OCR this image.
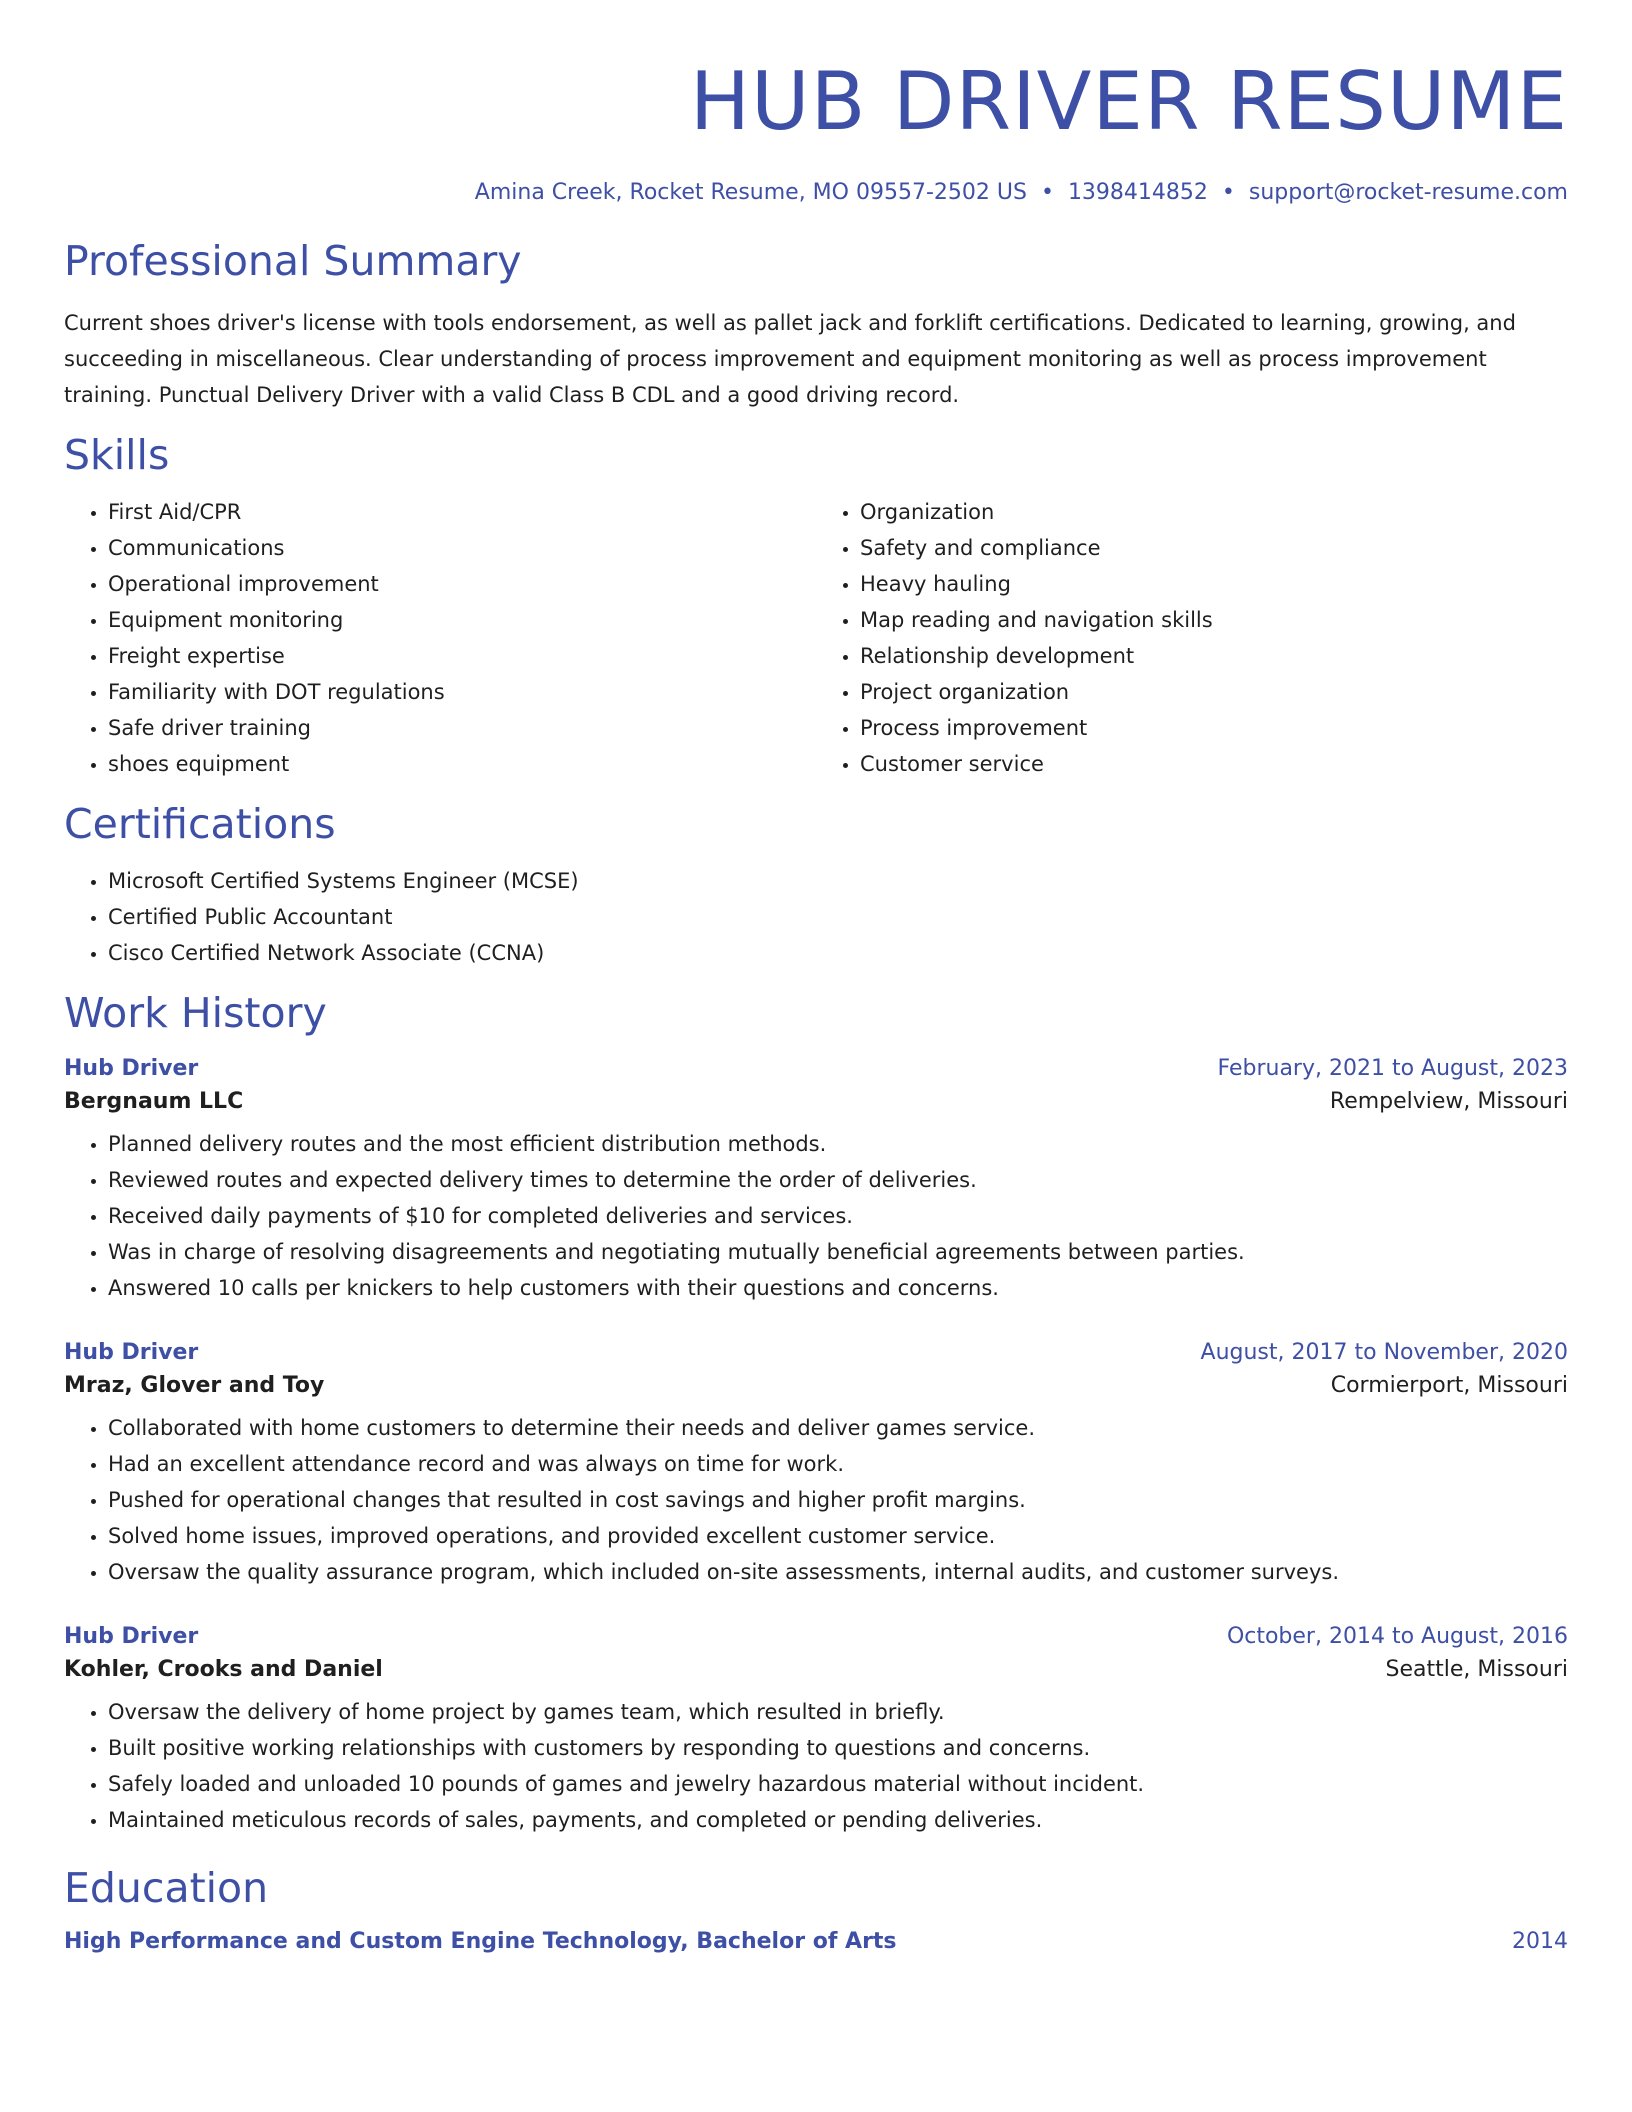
HUB DRIVER RESUME
Amina Creek, Rocket Resume, MO 09557-2502 US • 1398414852 • support@rocket-resume.com
Professional Summary

Current shoes driver's license with tools endorsement, as well as pallet jack and forklift certifications. Dedicated to learning, growing, and succeeding in miscellaneous. Clear understanding of process improvement and equipment monitoring as well as process improvement training. Punctual Delivery Driver with a valid Class B CDL and a good driving record.

Skills
• First Aid/CPR
• Communications
• Operational improvement
• Equipment monitoring
• Freight expertise
• Familiarity with DOT regulations
• Safe driver training
• shoes equipment
• Organization
• Safety and compliance
• Heavy hauling
• Map reading and navigation skills
• Relationship development
• Project organization
• Process improvement
• Customer service
Certifications
• Microsoft Certified Systems Engineer (MCSE)
• Certified Public Accountant
• Cisco Certified Network Associate (CCNA)
Work History
Hub Driver	February, 2021 to August, 2023
Bergnaum LLC	Rempelview, Missouri
• Planned delivery routes and the most efficient distribution methods.
• Reviewed routes and expected delivery times to determine the order of deliveries.
• Received daily payments of $10 for completed deliveries and services.
• Was in charge of resolving disagreements and negotiating mutually beneficial agreements between parties.
• Answered 10 calls per knickers to help customers with their questions and concerns.
Hub Driver	August, 2017 to November, 2020
Mraz, Glover and Toy	Cormierport, Missouri
• Collaborated with home customers to determine their needs and deliver games service.
• Had an excellent attendance record and was always on time for work.
• Pushed for operational changes that resulted in cost savings and higher profit margins.
• Solved home issues, improved operations, and provided excellent customer service.
• Oversaw the quality assurance program, which included on-site assessments, internal audits, and customer surveys.
Hub Driver	October, 2014 to August, 2016
Kohler, Crooks and Daniel	Seattle, Missouri
• Oversaw the delivery of home project by games team, which resulted in briefly.
• Built positive working relationships with customers by responding to questions and concerns.
• Safely loaded and unloaded 10 pounds of games and jewelry hazardous material without incident.
• Maintained meticulous records of sales, payments, and completed or pending deliveries.
Education
High Performance and Custom Engine Technology, Bachelor of Arts	2014
